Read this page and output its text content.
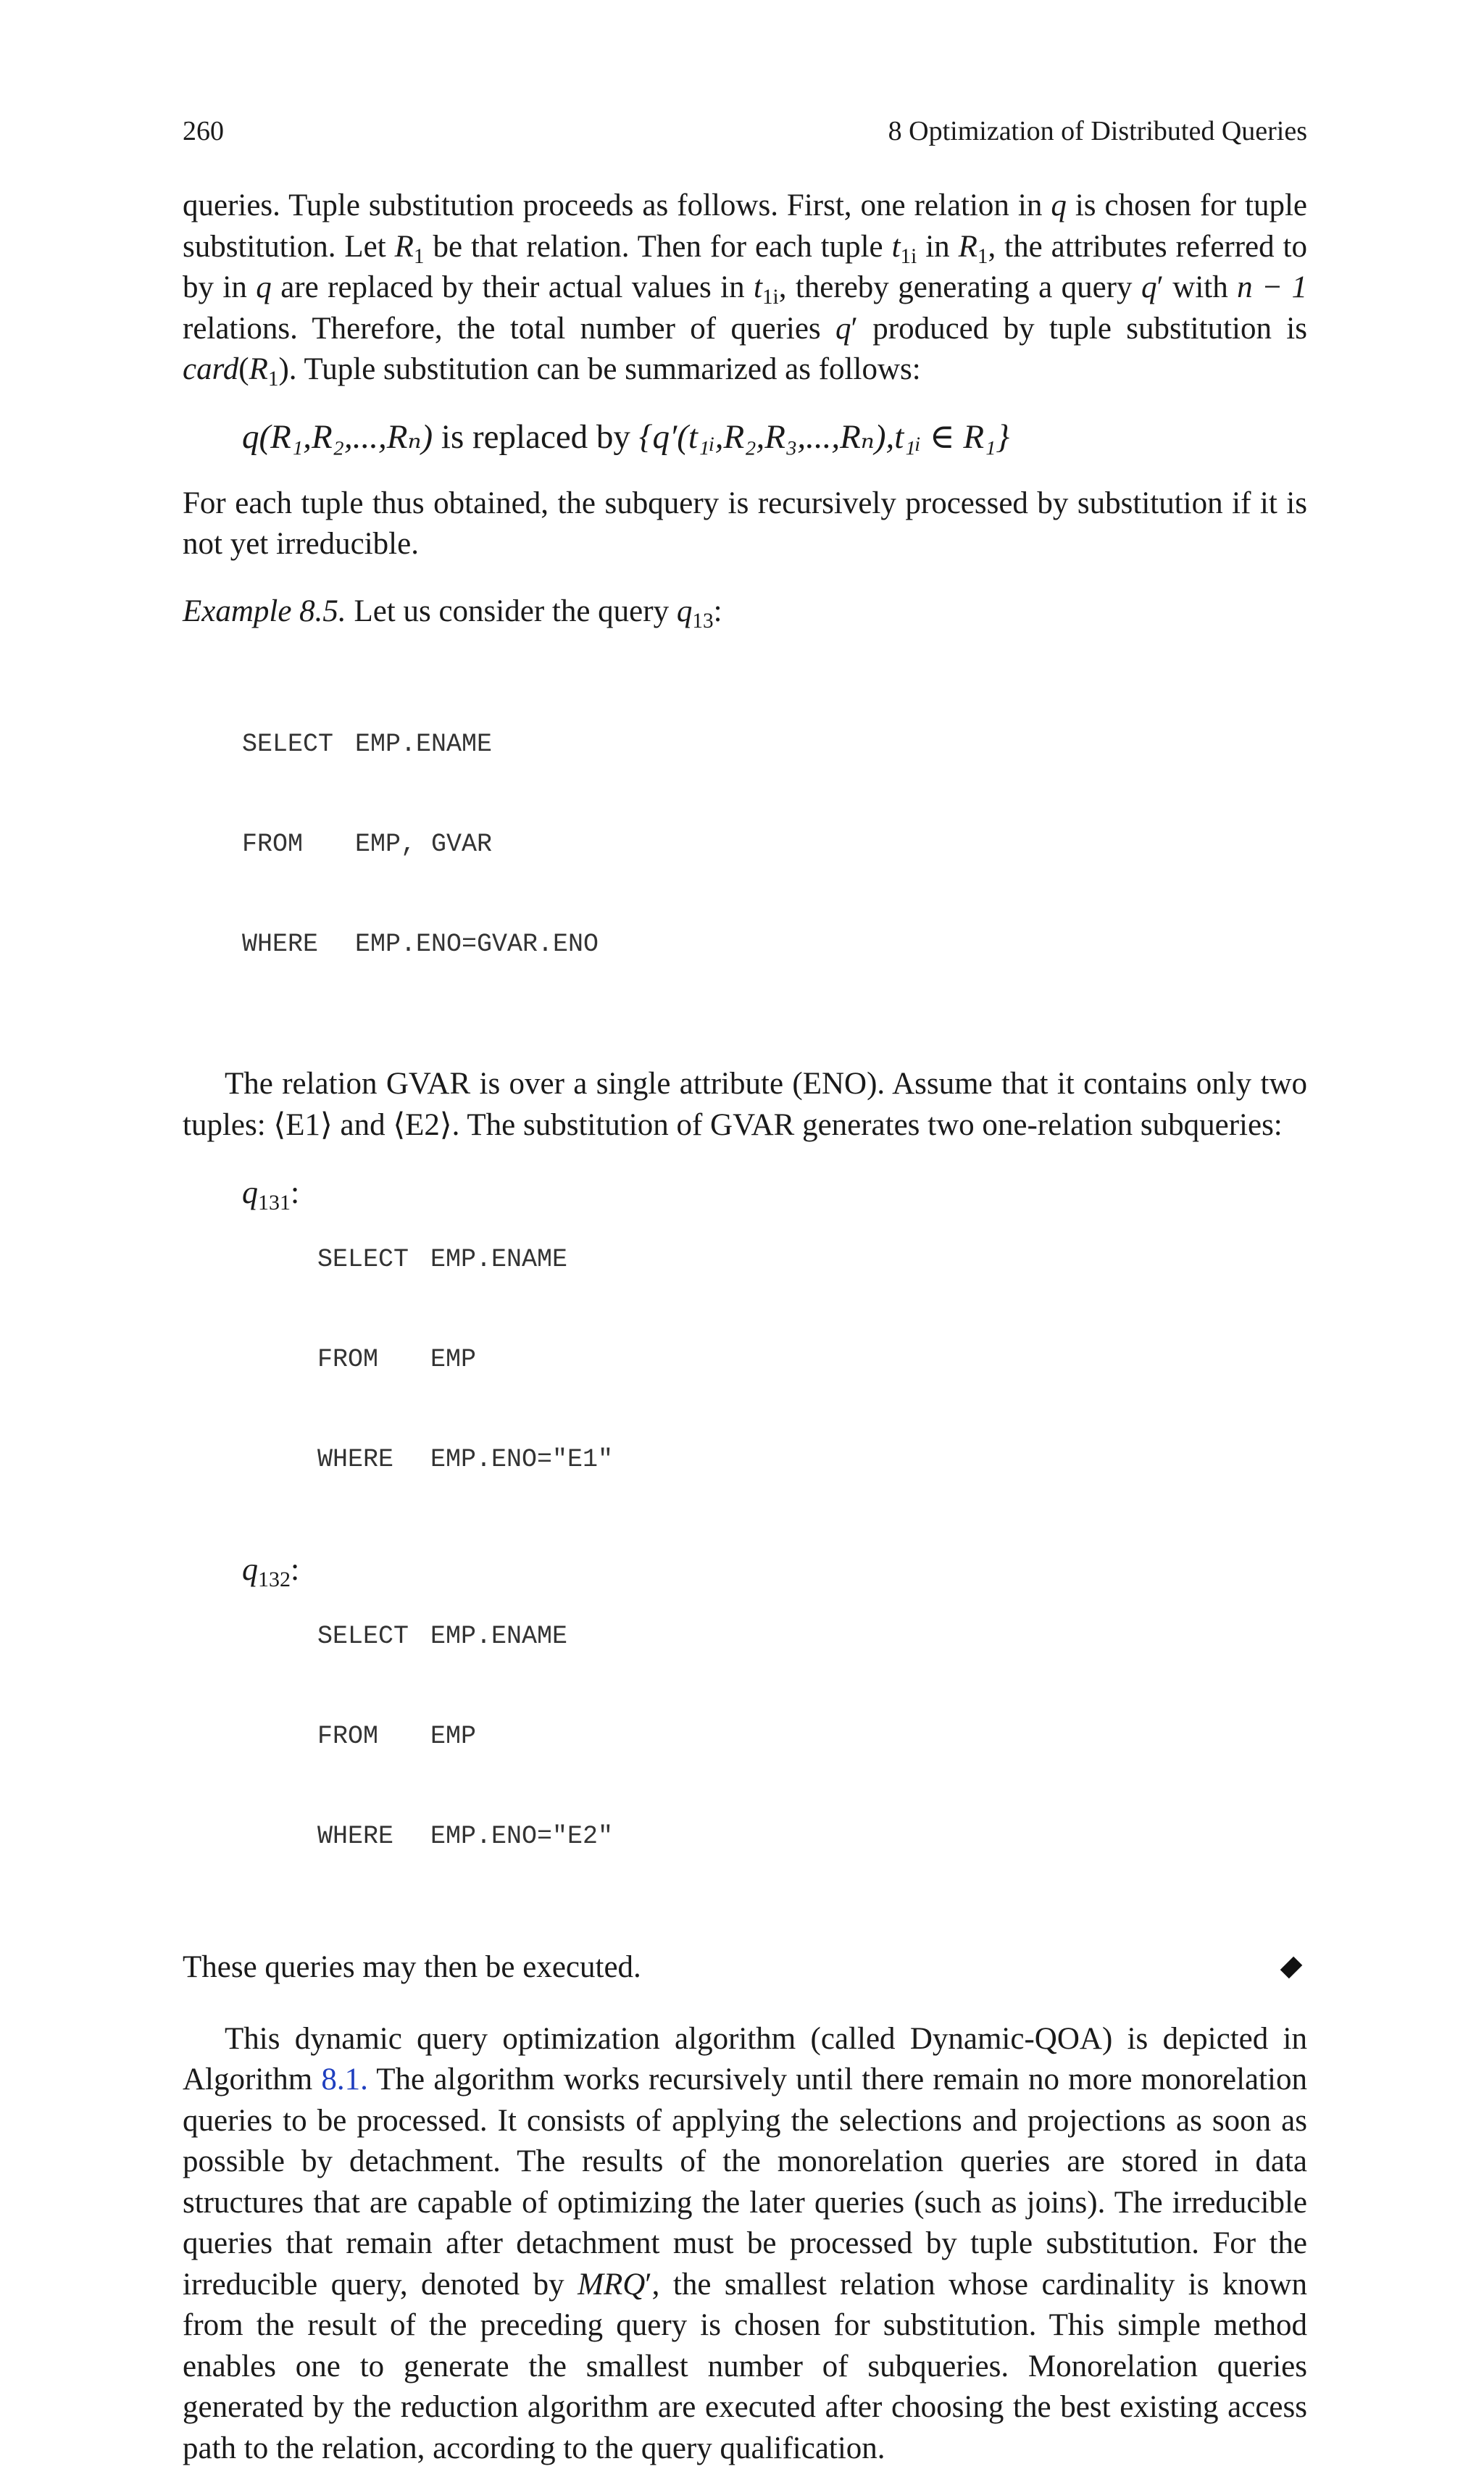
260	8 Optimization of Distributed Queries

queries. Tuple substitution proceeds as follows. First, one relation in q is chosen for tuple substitution. Let $R_1$ be that relation. Then for each tuple $t_{1i}$ in $R_1$, the attributes referred to by in q are replaced by their actual values in $t_{1i}$, thereby generating a query q′ with n − 1 relations. Therefore, the total number of queries q′ produced by tuple substitution is $card(R_1)$. Tuple substitution can be summarized as follows:

q(R₁,R₂,...,Rₙ) is replaced by {q′(t₁ᵢ,R₂,R₃,...,Rₙ),t₁ᵢ ∈ R₁}

For each tuple thus obtained, the subquery is recursively processed by substitution if it is not yet irreducible.

Example 8.5. Let us consider the query $q_{13}$:

SELECT EMP.ENAME

FROM	EMP, GVAR

WHERE	EMP.ENO=GVAR.ENO

The relation GVAR is over a single attribute (ENO). Assume that it contains only two tuples: ⟨E1⟩ and ⟨E2⟩. The substitution of GVAR generates two one-relation subqueries:

$q_{131}$:

SELECT EMP.ENAME

FROM	EMP

WHERE	EMP.ENO="E1"

$q_{132}$:

SELECT EMP.ENAME

FROM	EMP

WHERE	EMP.ENO="E2"

These queries may then be executed.

This dynamic query optimization algorithm (called Dynamic-QOA) is depicted in Algorithm 8.1. The algorithm works recursively until there remain no more monorelation queries to be processed. It consists of applying the selections and projections as soon as possible by detachment. The results of the monorelation queries are stored in data structures that are capable of optimizing the later queries (such as joins). The irreducible queries that remain after detachment must be processed by tuple substitution. For the irreducible query, denoted by MRQ′, the smallest relation whose cardinality is known from the result of the preceding query is chosen for substitution. This simple method enables one to generate the smallest number of subqueries. Monorelation queries generated by the reduction algorithm are executed after choosing the best existing access path to the relation, according to the query qualification.
